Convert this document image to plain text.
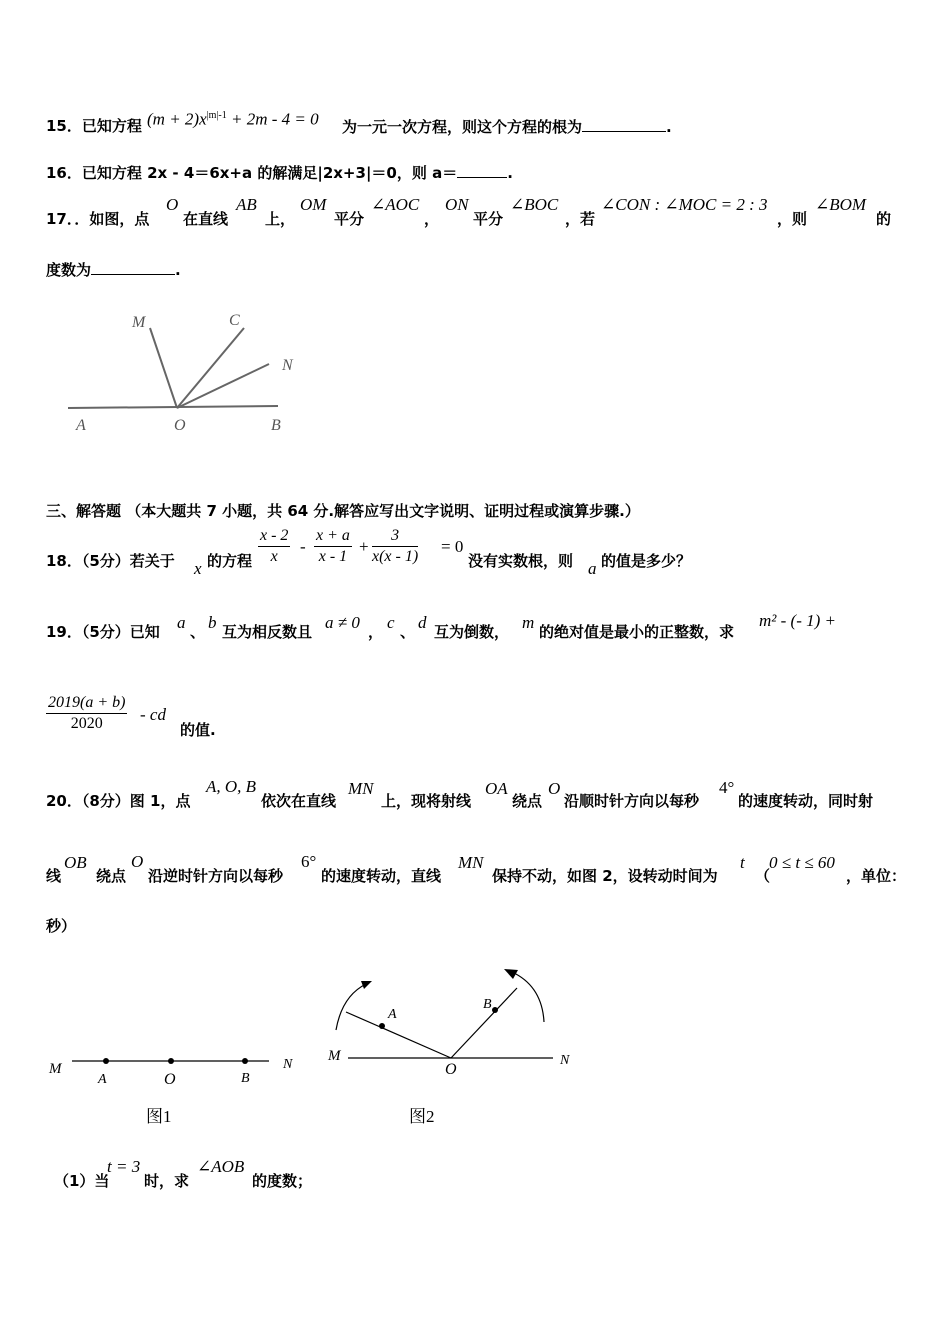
15．已知方程 $(m + 2)x^{|m|-1} + 2m - 4 = 0$ 为一元一次方程，则这个方程的根为	.
16．已知方程 2x - 4＝6x+a 的解满足|2x+3|＝0，则 a＝	.
17．．如图，点
O
在直线
AB
上，
OM
平分
∠AOC
，
ON
平分
∠BOC
，若
∠CON : ∠MOC = 2 : 3
，则
∠BOM
的
度数为	.
M	C
N
A	O	B
三、解答题 （本大题共 7 小题，共 64 分.解答应写出文字说明、证明过程或演算步骤.）
18．（5分）若关于 x 的方程 $\frac{x - 2}{x} - \frac{x + a}{x - 1} + \frac{3}{x(x - 1)} = 0$
没有实数根，则 a 的值是多少？
19．（5分）已知 a 、 b 互为相反数且 a ≠ 0 ， c 、 d 互为倒数， m 的绝对值是最小的正整数，求
m² - (- 1) +
$\frac{2019(a + b)}{2020}$ - cd
的值.
20．（8分）图 1，点
A, O, B
依次在直线
MN
上，现将射线
OA
绕点
O
沿顺时针方向以每秒
4°
的速度转动，同时射
线
OB
绕点
O
沿逆时针方向以每秒
6°
的速度转动，直线
MN
保持不动，如图 2，设转动时间为
t
（
0 ≤ t ≤ 60
，单位：
秒）
M
A	O	B
N
图1
M
A
O
B
N
图2
（1）当
t = 3
时，求
∠AOB
的度数；
